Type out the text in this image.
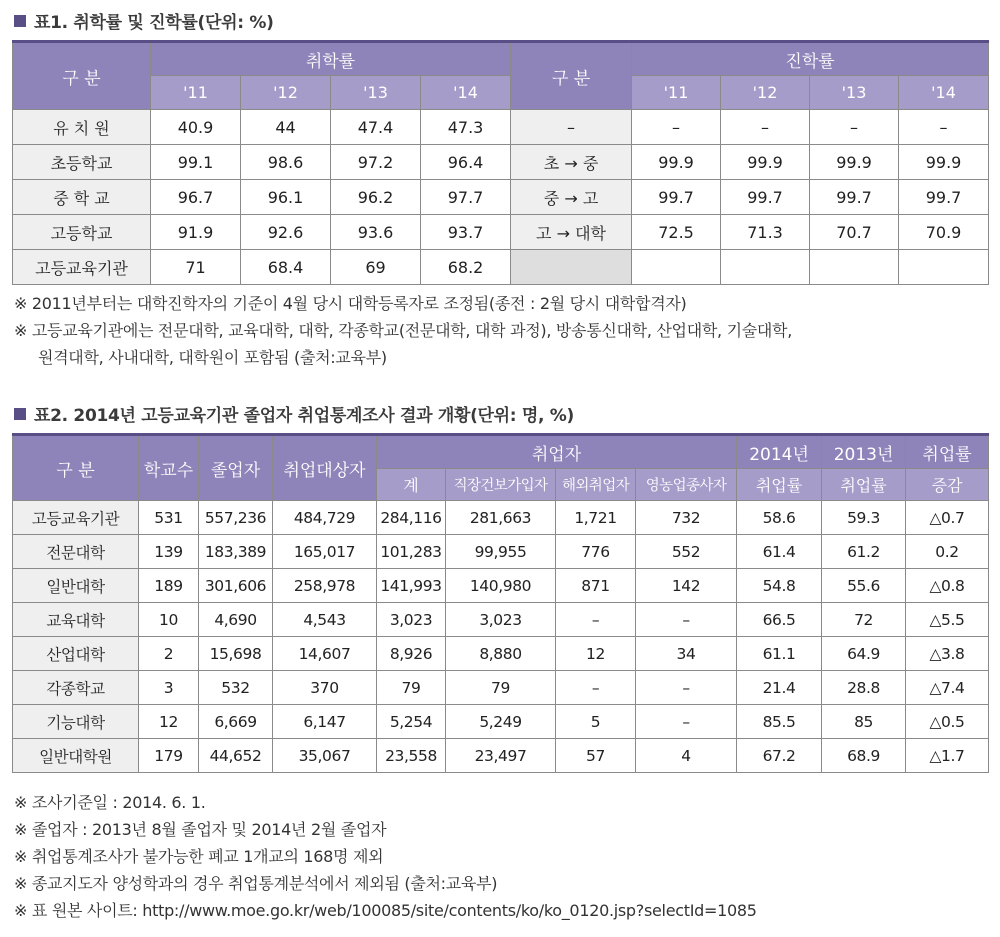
표1. 취학률 및 진학률(단위: %)
구 분	취학률				구 분	진학률			
	'11	'12	'13	'14		'11	'12	'13	'14
유 치 원	40.9	44	47.4	47.3	–	–	–	–	–
초등학교	99.1	98.6	97.2	96.4	초 → 중	99.9	99.9	99.9	99.9
중 학 교	96.7	96.1	96.2	97.7	중 → 고	99.7	99.7	99.7	99.7
고등학교	91.9	92.6	93.6	93.7	고 → 대학	72.5	71.3	70.7	70.9
고등교육기관	71	68.4	69	68.2					
※ 2011년부터는 대학진학자의 기준이 4월 당시 대학등록자로 조정됨(종전 : 2월 당시 대학합격자)
※ 고등교육기관에는 전문대학, 교육대학, 대학, 각종학교(전문대학, 대학 과정), 방송통신대학, 산업대학, 기술대학,
원격대학, 사내대학, 대학원이 포함됨 (출처:교육부)
표2. 2014년 고등교육기관 졸업자 취업통계조사 결과 개황(단위: 명, %)
구 분	학교수	졸업자	취업대상자	취업자				2014년	2013년	취업률
				계	직장건보가입자	해외취업자	영농업종사자	취업률	취업률	증감
고등교육기관	531	557,236	484,729	284,116	281,663	1,721	732	58.6	59.3	△0.7
전문대학	139	183,389	165,017	101,283	99,955	776	552	61.4	61.2	0.2
일반대학	189	301,606	258,978	141,993	140,980	871	142	54.8	55.6	△0.8
교육대학	10	4,690	4,543	3,023	3,023	–	–	66.5	72	△5.5
산업대학	2	15,698	14,607	8,926	8,880	12	34	61.1	64.9	△3.8
각종학교	3	532	370	79	79	–	–	21.4	28.8	△7.4
기능대학	12	6,669	6,147	5,254	5,249	5	–	85.5	85	△0.5
일반대학원	179	44,652	35,067	23,558	23,497	57	4	67.2	68.9	△1.7
※ 조사기준일 : 2014. 6. 1.
※ 졸업자 : 2013년 8월 졸업자 및 2014년 2월 졸업자
※ 취업통계조사가 불가능한 폐교 1개교의 168명 제외
※ 종교지도자 양성학과의 경우 취업통계분석에서 제외됨 (출처:교육부)
※ 표 원본 사이트: http://www.moe.go.kr/web/100085/site/contents/ko/ko_0120.jsp?selectId=1085
